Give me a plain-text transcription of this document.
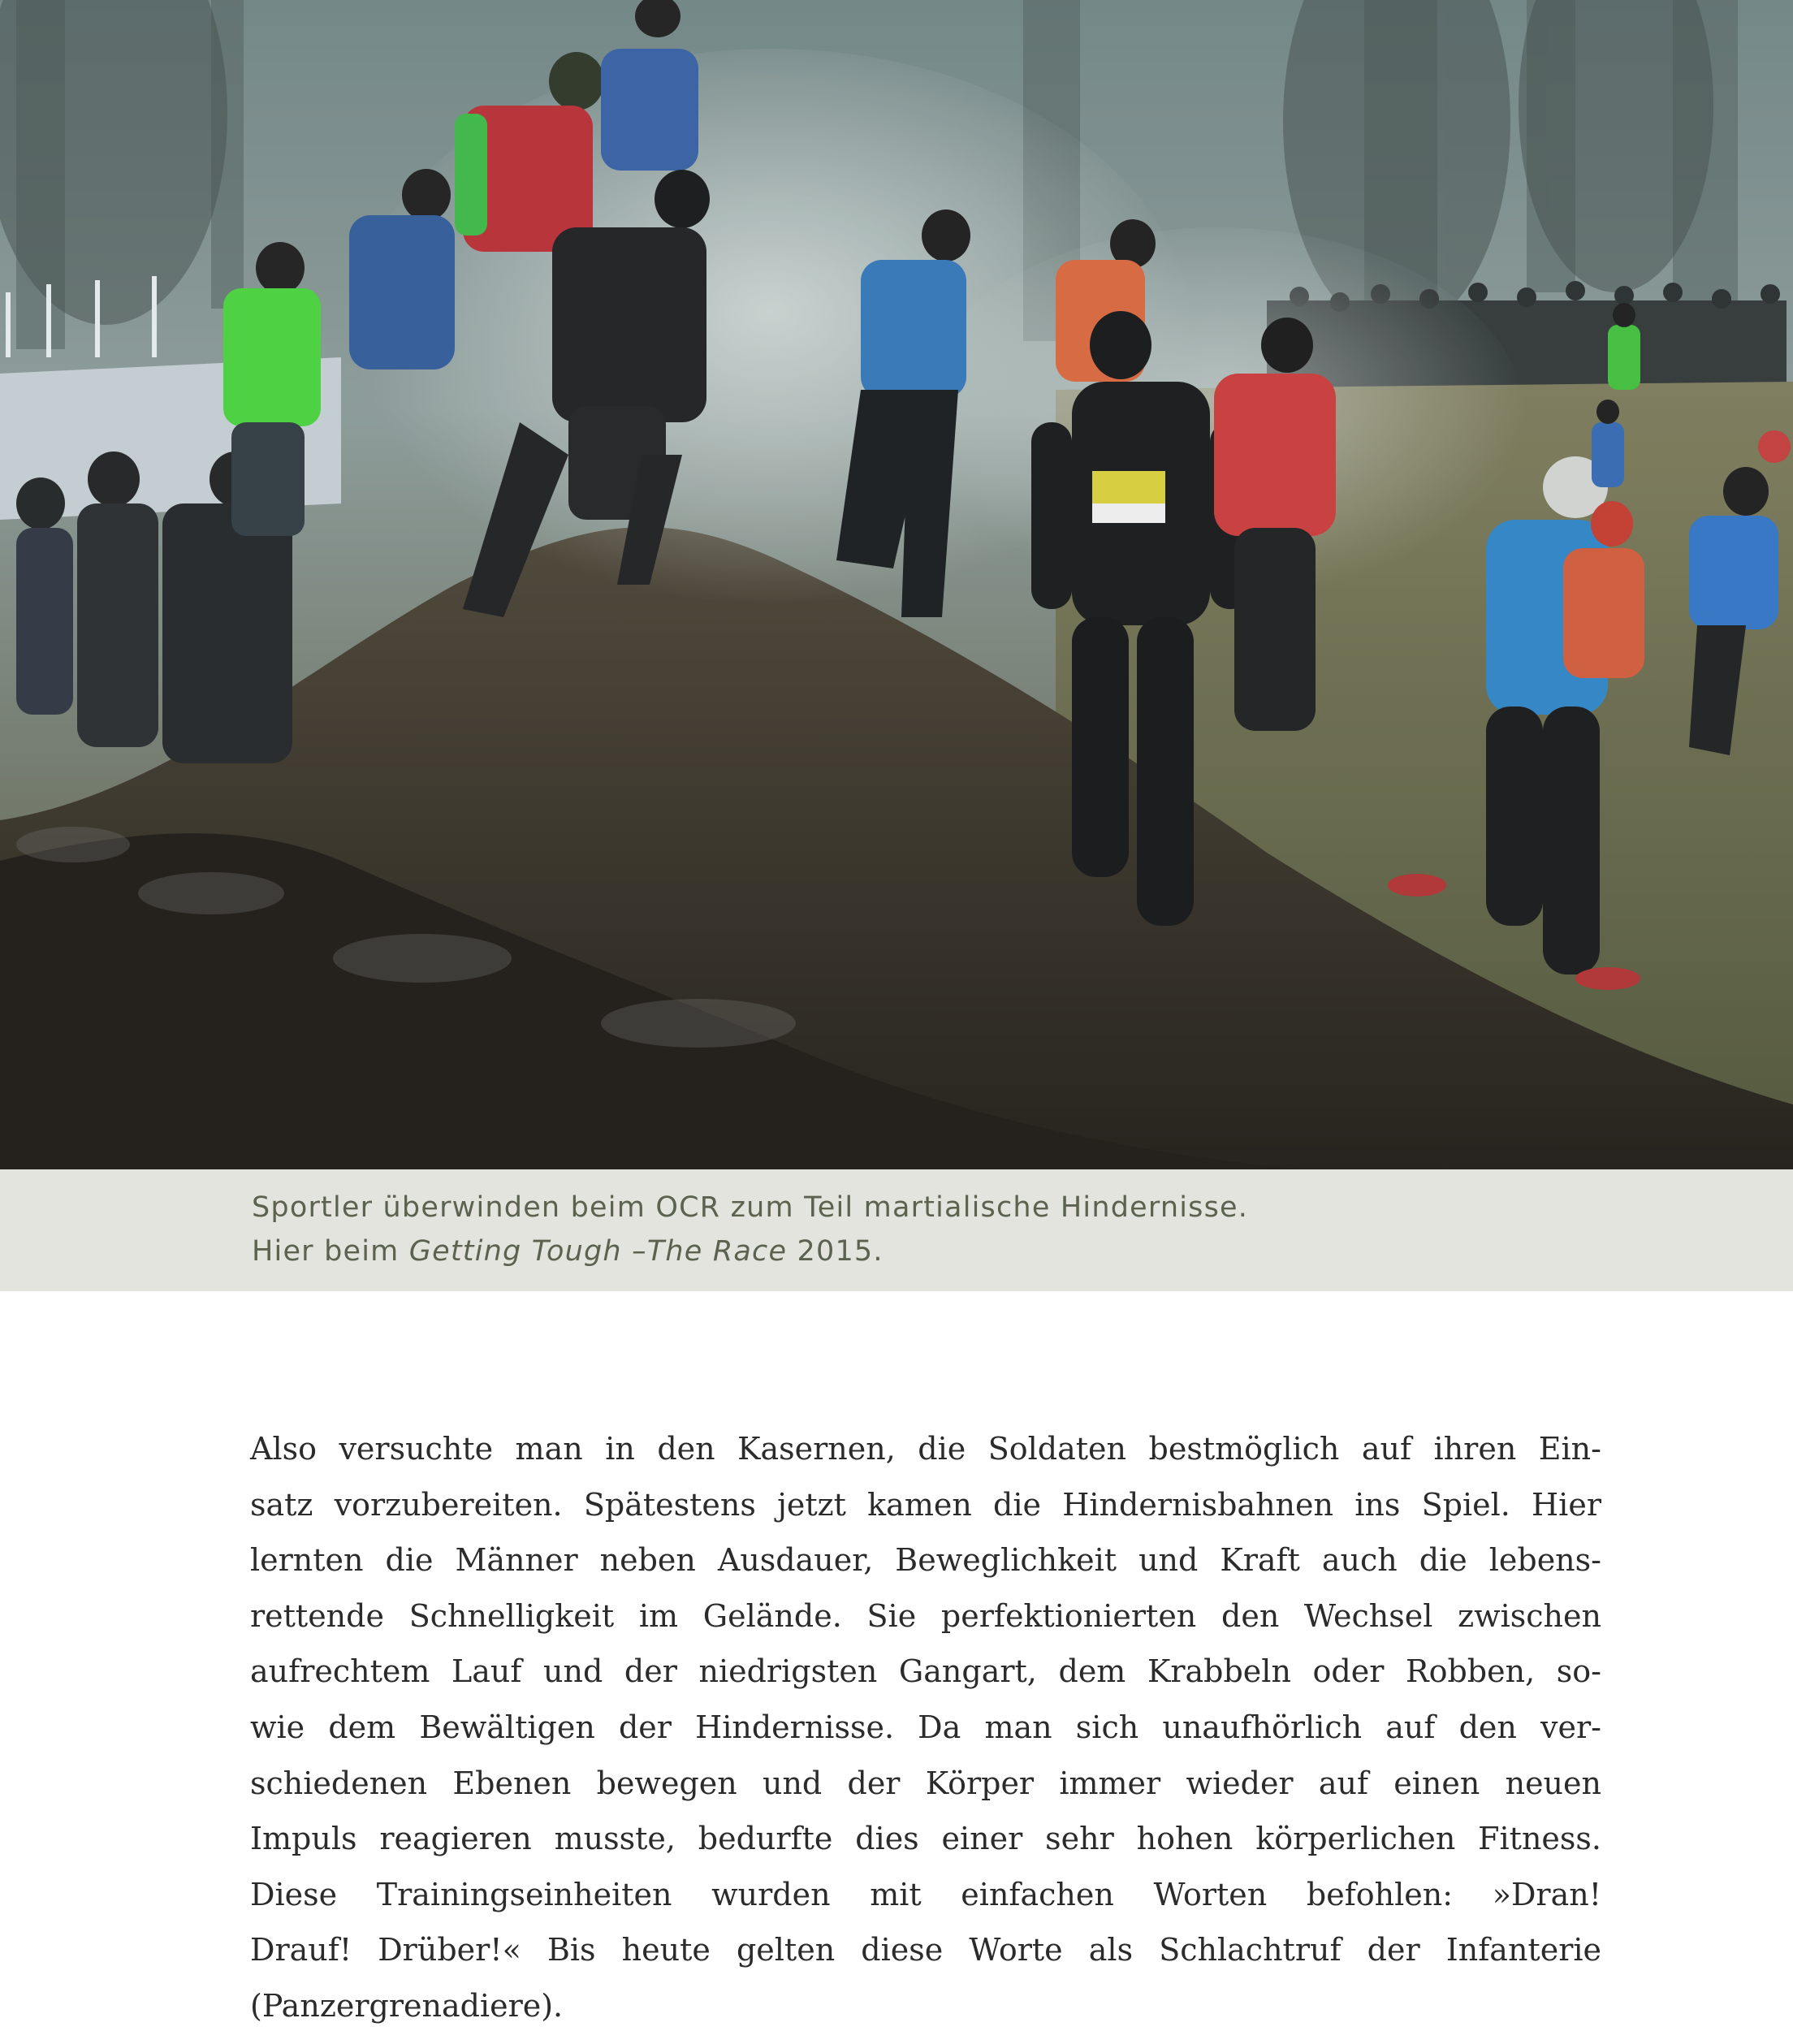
Sportler überwinden beim OCR zum Teil martialische Hindernisse.
Hier beim Getting Tough –The Race 2015.
Also versuchte man in den Kasernen, die Soldaten bestmöglich auf ihren Ein-
satz vorzubereiten. Spätestens jetzt kamen die Hindernisbahnen ins Spiel. Hier
lernten die Männer neben Ausdauer, Beweglichkeit und Kraft auch die lebens-
rettende Schnelligkeit im Gelände. Sie perfektionierten den Wechsel zwischen
aufrechtem Lauf und der niedrigsten Gangart, dem Krabbeln oder Robben, so-
wie dem Bewältigen der Hindernisse. Da man sich unaufhörlich auf den ver-
schiedenen Ebenen bewegen und der Körper immer wieder auf einen neuen
Impuls reagieren musste, bedurfte dies einer sehr hohen körperlichen Fitness.
Diese Trainingseinheiten wurden mit einfachen Worten befohlen: »Dran!
Drauf! Drüber!« Bis heute gelten diese Worte als Schlachtruf der Infanterie
(Panzergrenadiere).
